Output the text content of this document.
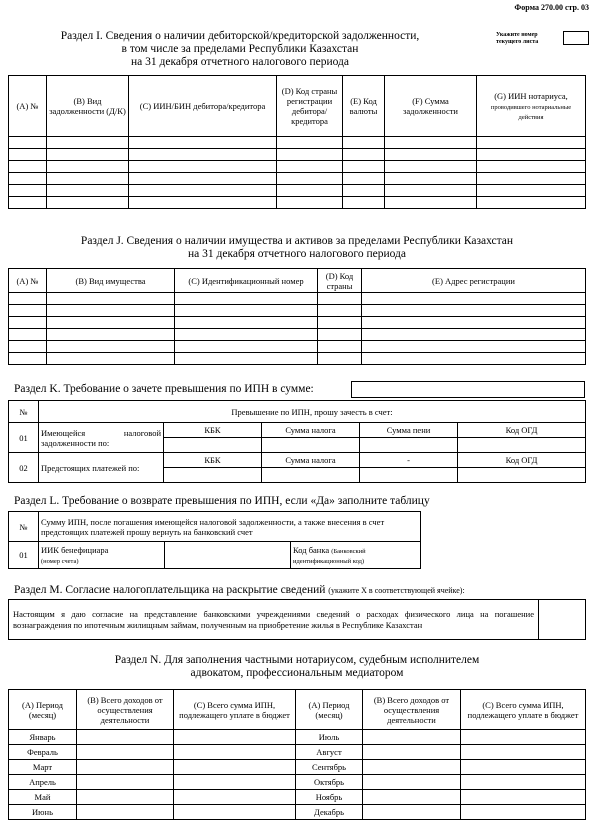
Форма 270.00 стр. 03
Укажите номер текущего листа
Раздел I. Сведения о наличии дебиторской/кредиторской задолженности,
в том числе за пределами Республики Казахстан
на 31 декабря отчетного налогового периода
(A) №	(B) Вид задолженности (Д/К)	(C) ИИН/БИН дебитора/кредитора	(D) Код страны регистрации дебитора/кредитора	(E) Код валюты	(F) Сумма задолженности	(G) ИИН нотариуса,
проводившего нотариальные действия

Раздел J. Сведения о наличии имущества и активов за пределами Республики Казахстан
на 31 декабря отчетного налогового периода
(A) №	(B) Вид имущества	(C) Идентификационный номер	(D) Код страны	(E) Адрес регистрации

Раздел K. Требование о зачете превышения по ИПН в сумме:
№	Превышение по ИПН, прошу зачесть в счет:				
01	Имеющейся налоговой задолженности по:	КБК	Сумма налога	Сумма пени	Код ОГД

02	Предстоящих платежей по:	КБК	Сумма налога	-	Код ОГД

Раздел L. Требование о возврате превышения по ИПН, если «Да» заполните таблицу
№	Сумму ИПН, после погашения имеющейся налоговой задолженности, а также внесения в счет предстоящих платежей прошу вернуть на банковский счет		
01	ИИК бенефициара
(номер счета)		Код банка (Банковский идентификационный код)
Раздел M. Согласие налогоплательщика на раскрытие сведений (укажите Х в соответствующей ячейке):
Настоящим я даю согласие на представление банковскими учреждениями сведений о расходах физического лица на погашение вознаграждения по ипотечным жилищным займам, полученным на приобретение жилья в Республике Казахстан	
Раздел N. Для заполнения частными нотариусом, судебным исполнителем
адвокатом, профессиональным медиатором
(A) Период (месяц)	(B) Всего доходов от осуществления деятельности	(C) Всего сумма ИПН, подлежащего уплате в бюджет	(A) Период (месяц)	(B) Всего доходов от осуществления деятельности	(C) Всего сумма ИПН, подлежащего уплате в бюджет
Январь			Июль		
Февраль			Август		
Март			Сентябрь		
Апрель			Октябрь		
Май			Ноябрь		
Июнь			Декабрь		
